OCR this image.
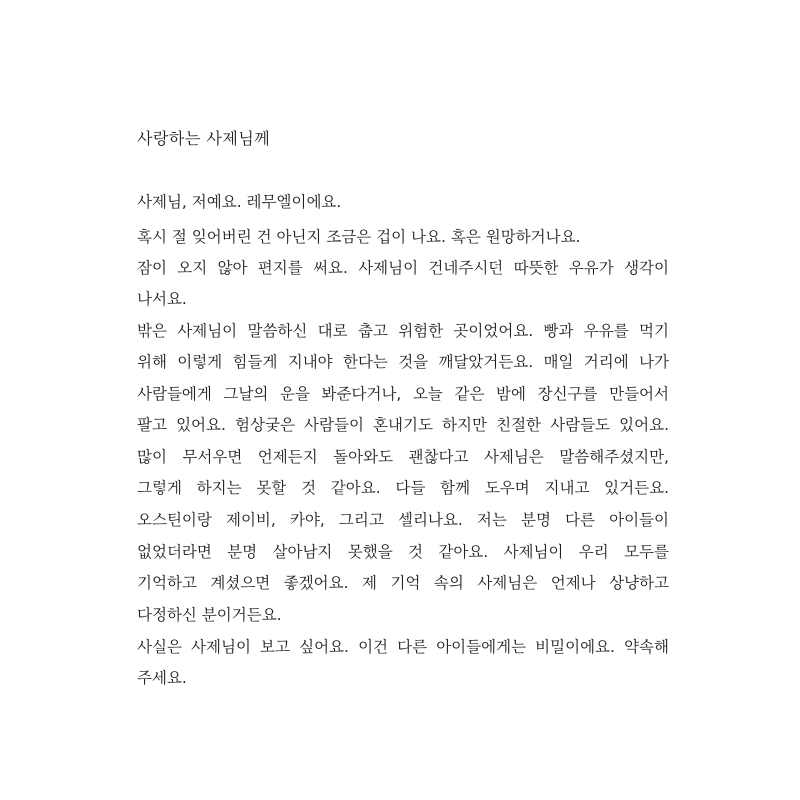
사랑하는 사제님께
사제님, 저예요. 레무엘이에요.
혹시 절 잊어버린 건 아닌지 조금은 겁이 나요. 혹은 원망하거나요.
잠이 오지 않아 편지를 써요. 사제님이 건네주시던 따뜻한 우유가 생각이
나서요.
밖은 사제님이 말씀하신 대로 춥고 위험한 곳이었어요. 빵과 우유를 먹기
위해 이렇게 힘들게 지내야 한다는 것을 깨달았거든요. 매일 거리에 나가
사람들에게 그날의 운을 봐준다거나, 오늘 같은 밤에 장신구를 만들어서
팔고 있어요. 험상궂은 사람들이 혼내기도 하지만 친절한 사람들도 있어요.
많이 무서우면 언제든지 돌아와도 괜찮다고 사제님은 말씀해주셨지만,
그렇게 하지는 못할 것 같아요. 다들 함께 도우며 지내고 있거든요.
오스틴이랑 제이비, 카야, 그리고 셀리나요. 저는 분명 다른 아이들이
없었더라면 분명 살아남지 못했을 것 같아요. 사제님이 우리 모두를
기억하고 계셨으면 좋겠어요. 제 기억 속의 사제님은 언제나 상냥하고
다정하신 분이거든요.
사실은 사제님이 보고 싶어요. 이건 다른 아이들에게는 비밀이에요. 약속해
주세요.
